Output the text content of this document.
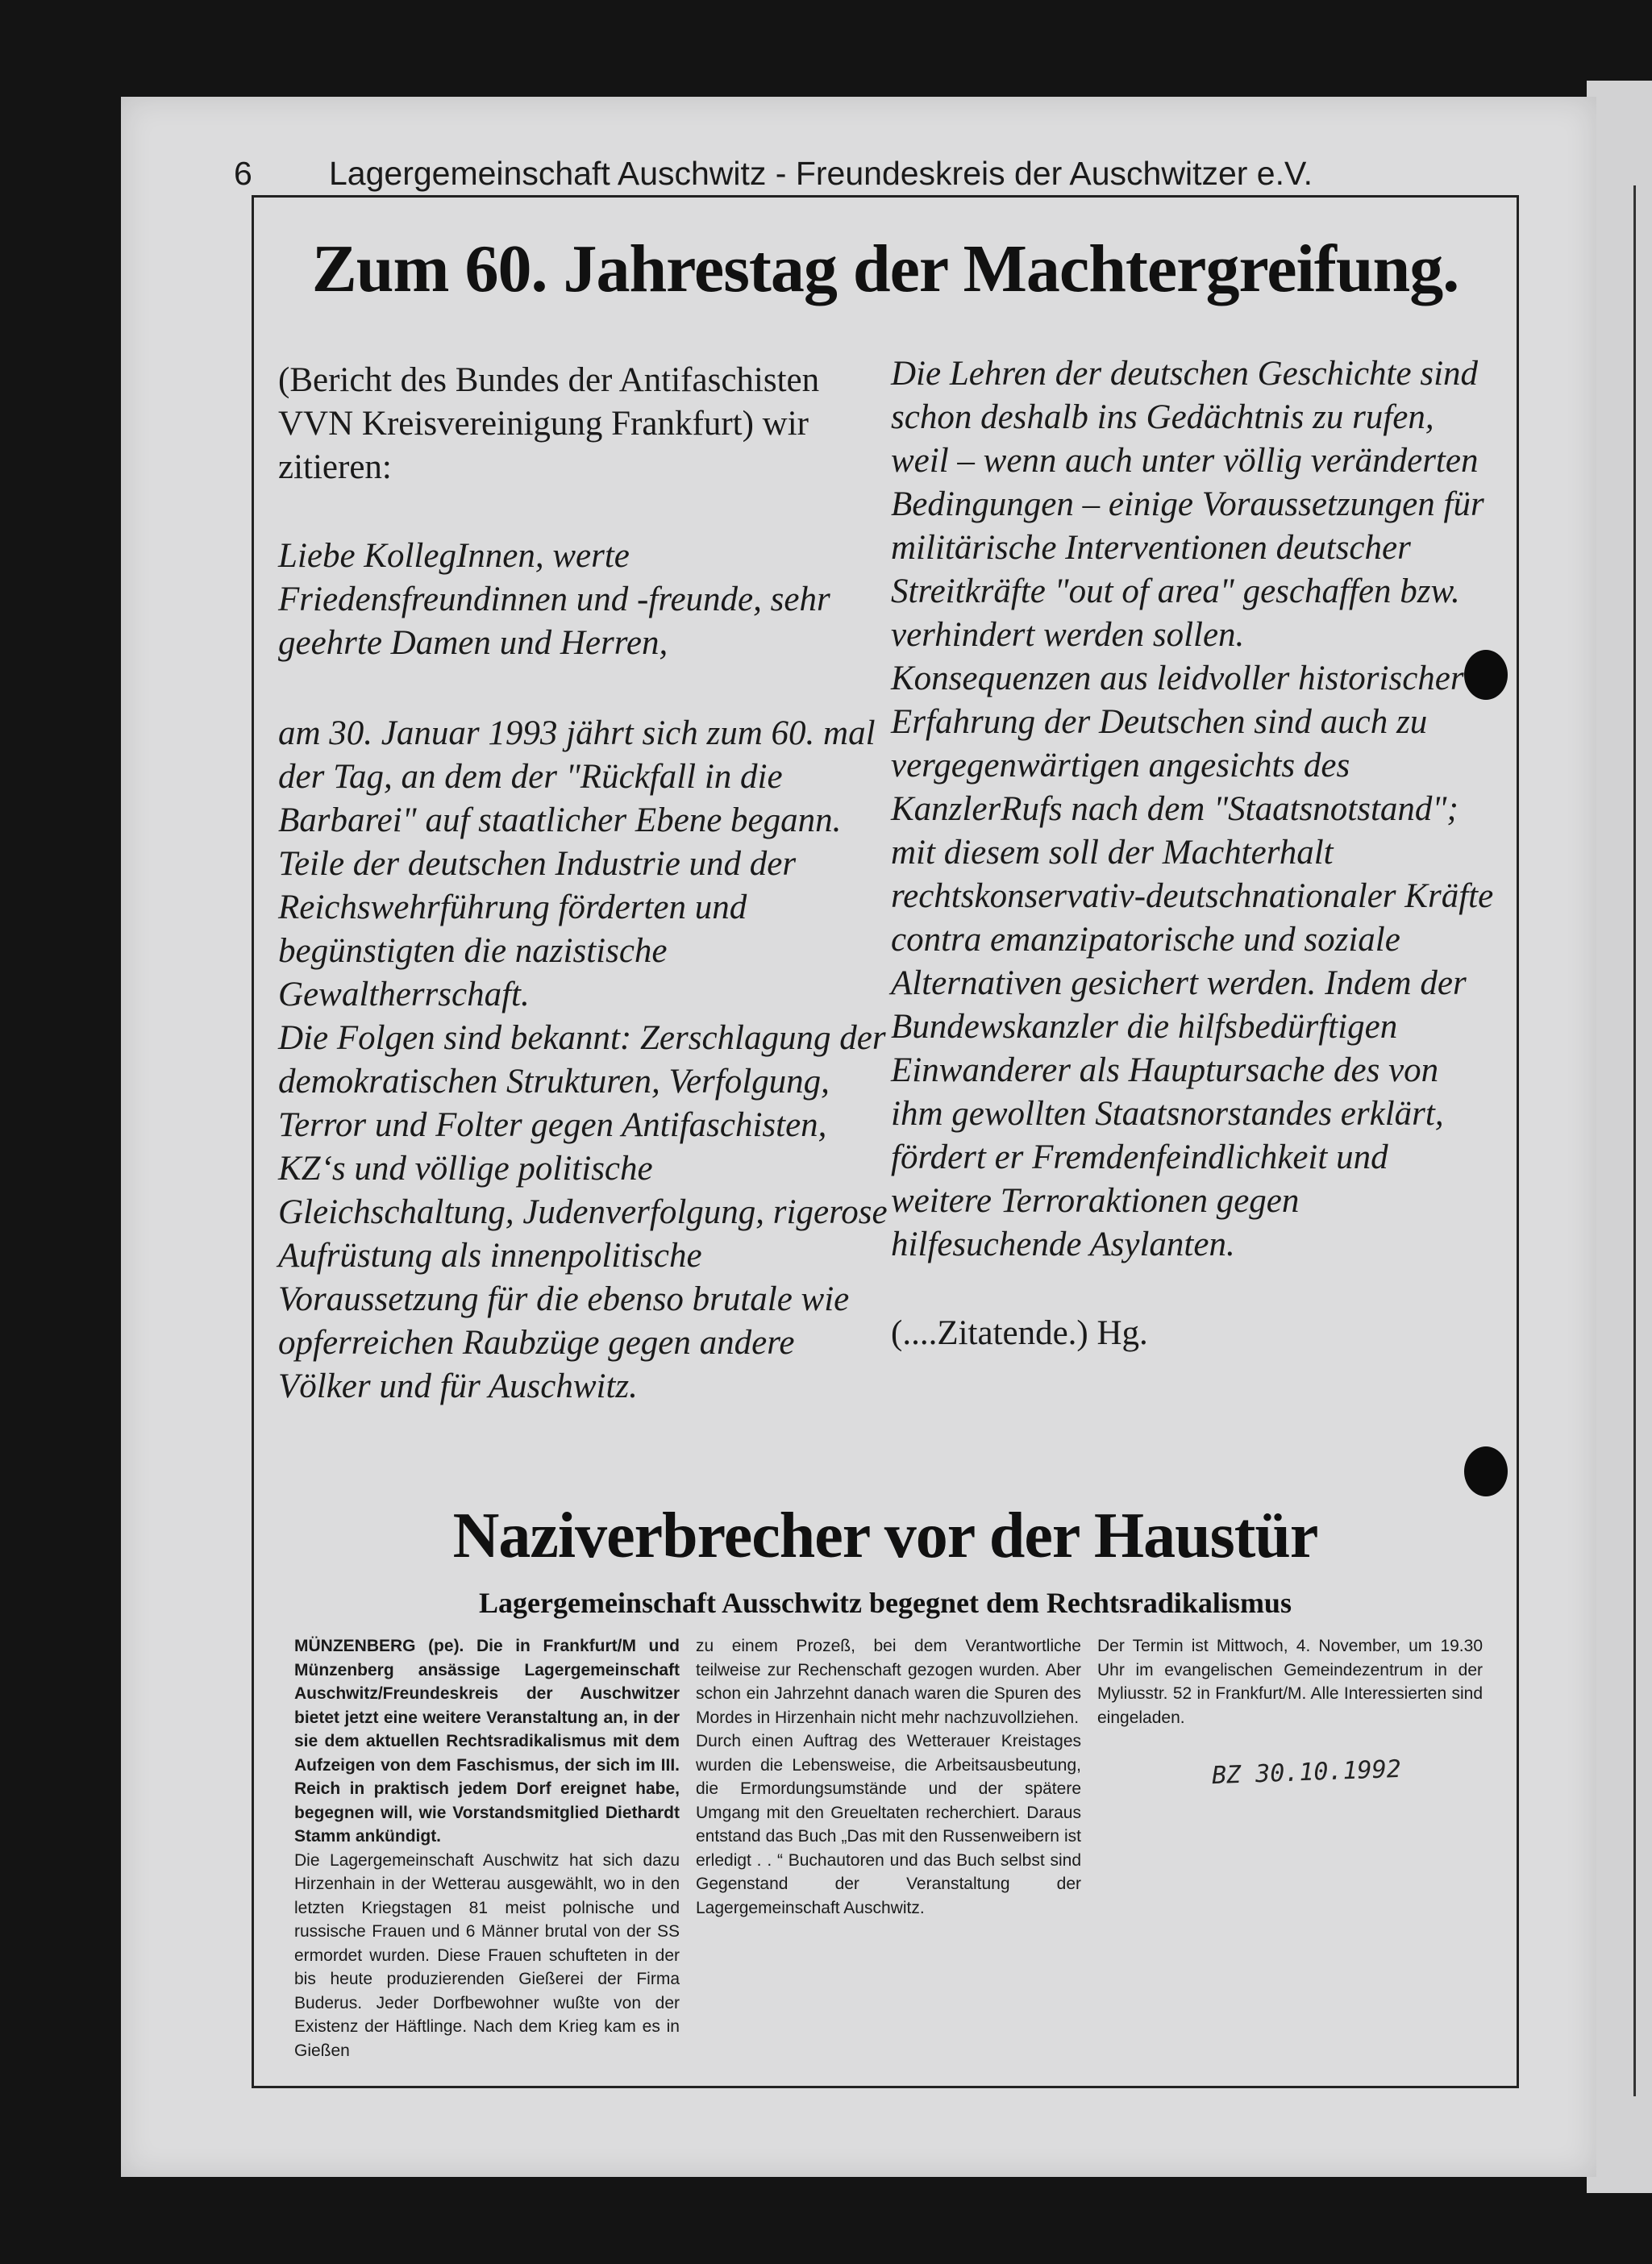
6 Lagergemeinschaft Auschwitz - Freundeskreis der Auschwitzer e.V.
Zum 60. Jahrestag der Machtergreifung.

(Bericht des Bundes der Antifaschisten VVN Kreisvereinigung Frankfurt) wir zitieren:

Liebe KollegInnen, werte Friedensfreundinnen und -freunde, sehr geehrte Damen und Herren,

am 30. Januar 1993 jährt sich zum 60. mal der Tag, an dem der "Rückfall in die Barbarei" auf staatlicher Ebene begann. Teile der deutschen Industrie und der Reichswehrführung förderten und begünstigten die nazistische Gewaltherrschaft.

Die Folgen sind bekannt: Zerschlagung der demokratischen Strukturen, Verfolgung, Terror und Folter gegen Antifaschisten, KZ‘s und völlige politische Gleichschaltung, Judenverfolgung, rigerose Aufrüstung als innenpolitische Voraussetzung für die ebenso brutale wie opferreichen Raubzüge gegen andere Völker und für Auschwitz.

Die Lehren der deutschen Geschichte sind schon deshalb ins Gedächtnis zu rufen, weil – wenn auch unter völlig veränderten Bedingungen – einige Voraussetzungen für militärische Interventionen deutscher Streitkräfte "out of area" geschaffen bzw. verhindert werden sollen.

Konsequenzen aus leidvoller historischer Erfahrung der Deutschen sind auch zu vergegenwärtigen angesichts des KanzlerRufs nach dem "Staatsnotstand"; mit diesem soll der Machterhalt rechtskonservativ-deutschnationaler Kräfte contra emanzipatorische und soziale Alternativen gesichert werden. Indem der Bundewskanzler die hilfsbedürftigen Einwanderer als Hauptursache des von ihm gewollten Staatsnorstandes erklärt, fördert er Fremdenfeindlichkeit und weitere Terroraktionen gegen hilfesuchende Asylanten.

(....Zitatende.) Hg.

Naziverbrecher vor der Haustür
Lagergemeinschaft Ausschwitz begegnet dem Rechtsradikalismus

MÜNZENBERG (pe). Die in Frankfurt/M und Münzenberg ansässige Lagergemeinschaft Auschwitz/Freundeskreis der Auschwitzer bietet jetzt eine weitere Veranstaltung an, in der sie dem aktuellen Rechtsradikalismus mit dem Aufzeigen von dem Faschismus, der sich im III. Reich in praktisch jedem Dorf ereignet habe, begegnen will, wie Vorstandsmitglied Diethardt Stamm ankündigt.

Die Lagergemeinschaft Auschwitz hat sich dazu Hirzenhain in der Wetterau ausgewählt, wo in den letzten Kriegstagen 81 meist polnische und russische Frauen und 6 Männer brutal von der SS ermordet wurden. Diese Frauen schufteten in der bis heute produzierenden Gießerei der Firma Buderus. Jeder Dorfbewohner wußte von der Existenz der Häftlinge. Nach dem Krieg kam es in Gießen

zu einem Prozeß, bei dem Verantwortliche teilweise zur Rechenschaft gezogen wurden. Aber schon ein Jahrzehnt danach waren die Spuren des Mordes in Hirzenhain nicht mehr nachzuvollziehen.

Durch einen Auftrag des Wetterauer Kreistages wurden die Lebensweise, die Arbeitsausbeutung, die Ermordungsumstände und der spätere Umgang mit den Greueltaten recherchiert. Daraus entstand das Buch „Das mit den Russenweibern ist erledigt . . “ Buchautoren und das Buch selbst sind Gegenstand der Veranstaltung der Lagergemeinschaft Auschwitz.

Der Termin ist Mittwoch, 4. November, um 19.30 Uhr im evangelischen Gemeindezentrum in der Myliusstr. 52 in Frankfurt/M. Alle Interessierten sind eingeladen.

BZ 30.10.1992
